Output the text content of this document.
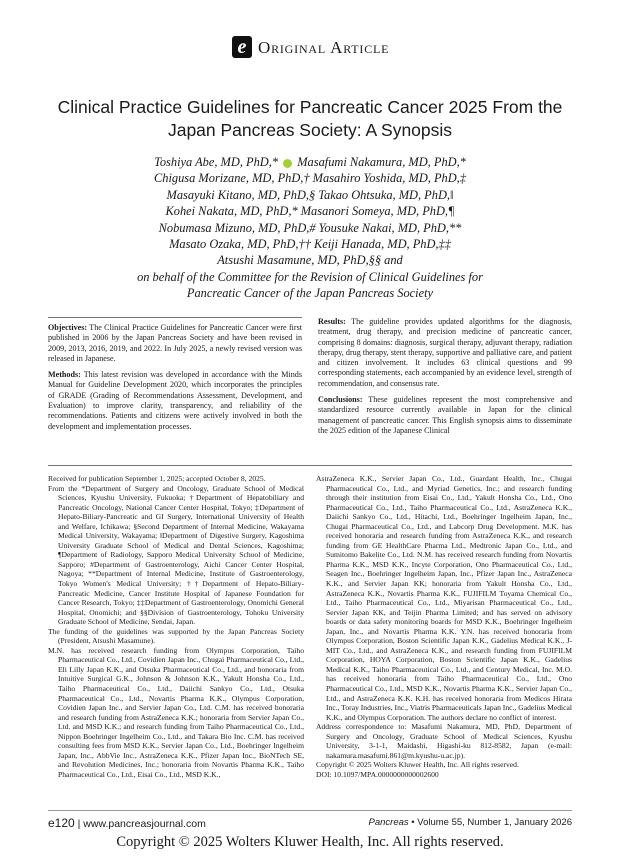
e Original Article
Clinical Practice Guidelines for Pancreatic Cancer 2025 From the Japan Pancreas Society: A Synopsis
Toshiya Abe, MD, PhD,* Masafumi Nakamura, MD, PhD,*
Chigusa Morizane, MD, PhD,† Masahiro Yoshida, MD, PhD,‡
Masayuki Kitano, MD, PhD,§ Takao Ohtsuka, MD, PhD,‖
Kohei Nakata, MD, PhD,* Masanori Someya, MD, PhD,¶
Nobumasa Mizuno, MD, PhD,# Yousuke Nakai, MD, PhD,**
Masato Ozaka, MD, PhD,†† Keiji Hanada, MD, PhD,‡‡
Atsushi Masamune, MD, PhD,§§ and
on behalf of the Committee for the Revision of Clinical Guidelines for
Pancreatic Cancer of the Japan Pancreas Society

Objectives: The Clinical Practice Guidelines for Pancreatic Cancer were first published in 2006 by the Japan Pancreas Society and have been revised in 2009, 2013, 2016, 2019, and 2022. In July 2025, a newly revised version was released in Japanese.

Methods: This latest revision was developed in accordance with the Minds Manual for Guideline Development 2020, which incorporates the principles of GRADE (Grading of Recommendations Assessment, Development, and Evaluation) to improve clarity, transparency, and reliability of the recommendations. Patients and citizens were actively involved in both the development and implementation processes.

Results: The guideline provides updated algorithms for the diagnosis, treatment, drug therapy, and precision medicine of pancreatic cancer, comprising 8 domains: diagnosis, surgical therapy, adjuvant therapy, radiation therapy, drug therapy, stent therapy, supportive and palliative care, and patient and citizen involvement. It includes 63 clinical questions and 99 corresponding statements, each accompanied by an evidence level, strength of recommendation, and consensus rate.

Conclusions: These guidelines represent the most comprehensive and standardized resource currently available in Japan for the clinical management of pancreatic cancer. This English synopsis aims to disseminate the 2025 edition of the Japanese Clinical

Received for publication September 1, 2025; accepted October 8, 2025.

From the *Department of Surgery and Oncology, Graduate School of Medical Sciences, Kyushu University, Fukuoka; †Department of Hepatobiliary and Pancreatic Oncology, National Cancer Center Hospital, Tokyo; ‡Department of Hepato-Biliary-Pancreatic and GI Surgery, International University of Health and Welfare, Ichikawa; §Second Department of Internal Medicine, Wakayama Medical University, Wakayama; ‖Department of Digestive Surgery, Kagoshima University Graduate School of Medical and Dental Sciences, Kagoshima; ¶Department of Radiology, Sapporo Medical University School of Medicine, Sapporo; #Department of Gastroenterology, Aichi Cancer Center Hospital, Nagoya; **Department of Internal Medicine, Institute of Gastroenterology, Tokyo Women's Medical University; ††Department of Hepato-Biliary-Pancreatic Medicine, Cancer Institute Hospital of Japanese Foundation for Cancer Research, Tokyo; ‡‡Department of Gastroenterology, Onomichi General Hospital, Onomichi; and §§Division of Gastroenterology, Tohoku University Graduate School of Medicine, Sendai, Japan.

The funding of the guidelines was supported by the Japan Pancreas Society (President, Atsushi Masamune).

M.N. has received research funding from Olympus Corporation, Taiho Pharmaceutical Co., Ltd., Covidien Japan Inc., Chugai Pharmaceutical Co., Ltd., Eli Lilly Japan K.K., and Otsuka Pharmaceutical Co., Ltd., and honoraria from Intuitive Surgical G.K., Johnson & Johnson K.K., Yakult Honsha Co., Ltd., Taiho Pharmaceutical Co., Ltd., Daiichi Sankyo Co., Ltd., Otsuka Pharmaceutical Co., Ltd., Novartis Pharma K.K., Olympus Corporation, Covidien Japan Inc., and Servier Japan Co., Ltd. C.M. has received honoraria and research funding from AstraZeneca K.K.; honoraria from Servier Japan Co., Ltd. and MSD K.K.; and research funding from Taiho Pharmaceutical Co., Ltd., Nippon Boehringer Ingelheim Co., Ltd., and Takara Bio Inc. C.M. has received consulting fees from MSD K.K., Servier Japan Co., Ltd., Boehringer Ingelheim Japan, Inc., AbbVie Inc., AstraZeneca K.K., Pfizer Japan Inc., BioNTech SE, and Revolution Medicines, Inc.; honoraria from Novartis Pharma K.K., Taiho Pharmaceutical Co., Ltd., Eisai Co., Ltd., MSD K.K.,

AstraZeneca K.K., Servier Japan Co., Ltd., Guardant Health, Inc., Chugai Pharmaceutical Co., Ltd., and Myriad Genetics, Inc.; and research funding through their institution from Eisai Co., Ltd., Yakult Honsha Co., Ltd., Ono Pharmaceutical Co., Ltd., Taiho Pharmaceutical Co., Ltd., AstraZeneca K.K., Daiichi Sankyo Co., Ltd., Hitachi, Ltd., Boehringer Ingelheim Japan, Inc., Chugai Pharmaceutical Co., Ltd., and Labcorp Drug Development. M.K. has received honoraria and research funding from AstraZeneca K.K., and research funding from GE HealthCare Pharma Ltd., Medtronic Japan Co., Ltd., and Sumitomo Bakelite Co., Ltd. N.M. has received research funding from Novartis Pharma K.K., MSD K.K., Incyte Corporation, Ono Pharmaceutical Co., Ltd., Seagen Inc., Boehringer Ingelheim Japan, Inc., Pfizer Japan Inc., AstraZeneca K.K., and Servier Japan KK; honoraria from Yakult Honsha Co., Ltd., AstraZeneca K.K., Novartis Pharma K.K., FUJIFILM Toyama Chemical Co., Ltd., Taiho Pharmaceutical Co., Ltd., Miyarisan Pharmaceutical Co., Ltd., Servier Japan KK, and Teijin Pharma Limited; and has served on advisory boards or data safety monitoring boards for MSD K.K., Boehringer Ingelheim Japan, Inc., and Novartis Pharma K.K. Y.N. has received honoraria from Olympus Corporation, Boston Scientific Japan K.K., Gadelius Medical K.K., J-MIT Co., Ltd., and AstraZeneca K.K., and research funding from FUJIFILM Corporation, HOYA Corporation, Boston Scientific Japan K.K., Gadelius Medical K.K., Taiho Pharmaceutical Co., Ltd., and Century Medical, Inc. M.O. has received honoraria from Taiho Pharmaceutical Co., Ltd., Ono Pharmaceutical Co., Ltd., MSD K.K., Novartis Pharma K.K., Servier Japan Co., Ltd., and AstraZeneca K.K. K.H. has received honoraria from Medicos Hirata Inc., Toray Industries, Inc., Viatris Pharmaceuticals Japan Inc., Gadelius Medical K.K., and Olympus Corporation. The authors declare no conflict of interest.

Address correspondence to: Masafumi Nakamura, MD, PhD, Department of Surgery and Oncology, Graduate School of Medical Sciences, Kyushu University, 3-1-1, Maidashi, Higashi-ku 812-8582, Japan (e-mail: nakamura.masafumi.861@m.kyushu-u.ac.jp).

Copyright © 2025 Wolters Kluwer Health, Inc. All rights reserved.

DOI: 10.1097/MPA.0000000000002600

e120 | www.pancreasjournal.com	Pancreas • Volume 55, Number 1, January 2026
Copyright © 2025 Wolters Kluwer Health, Inc. All rights reserved.
